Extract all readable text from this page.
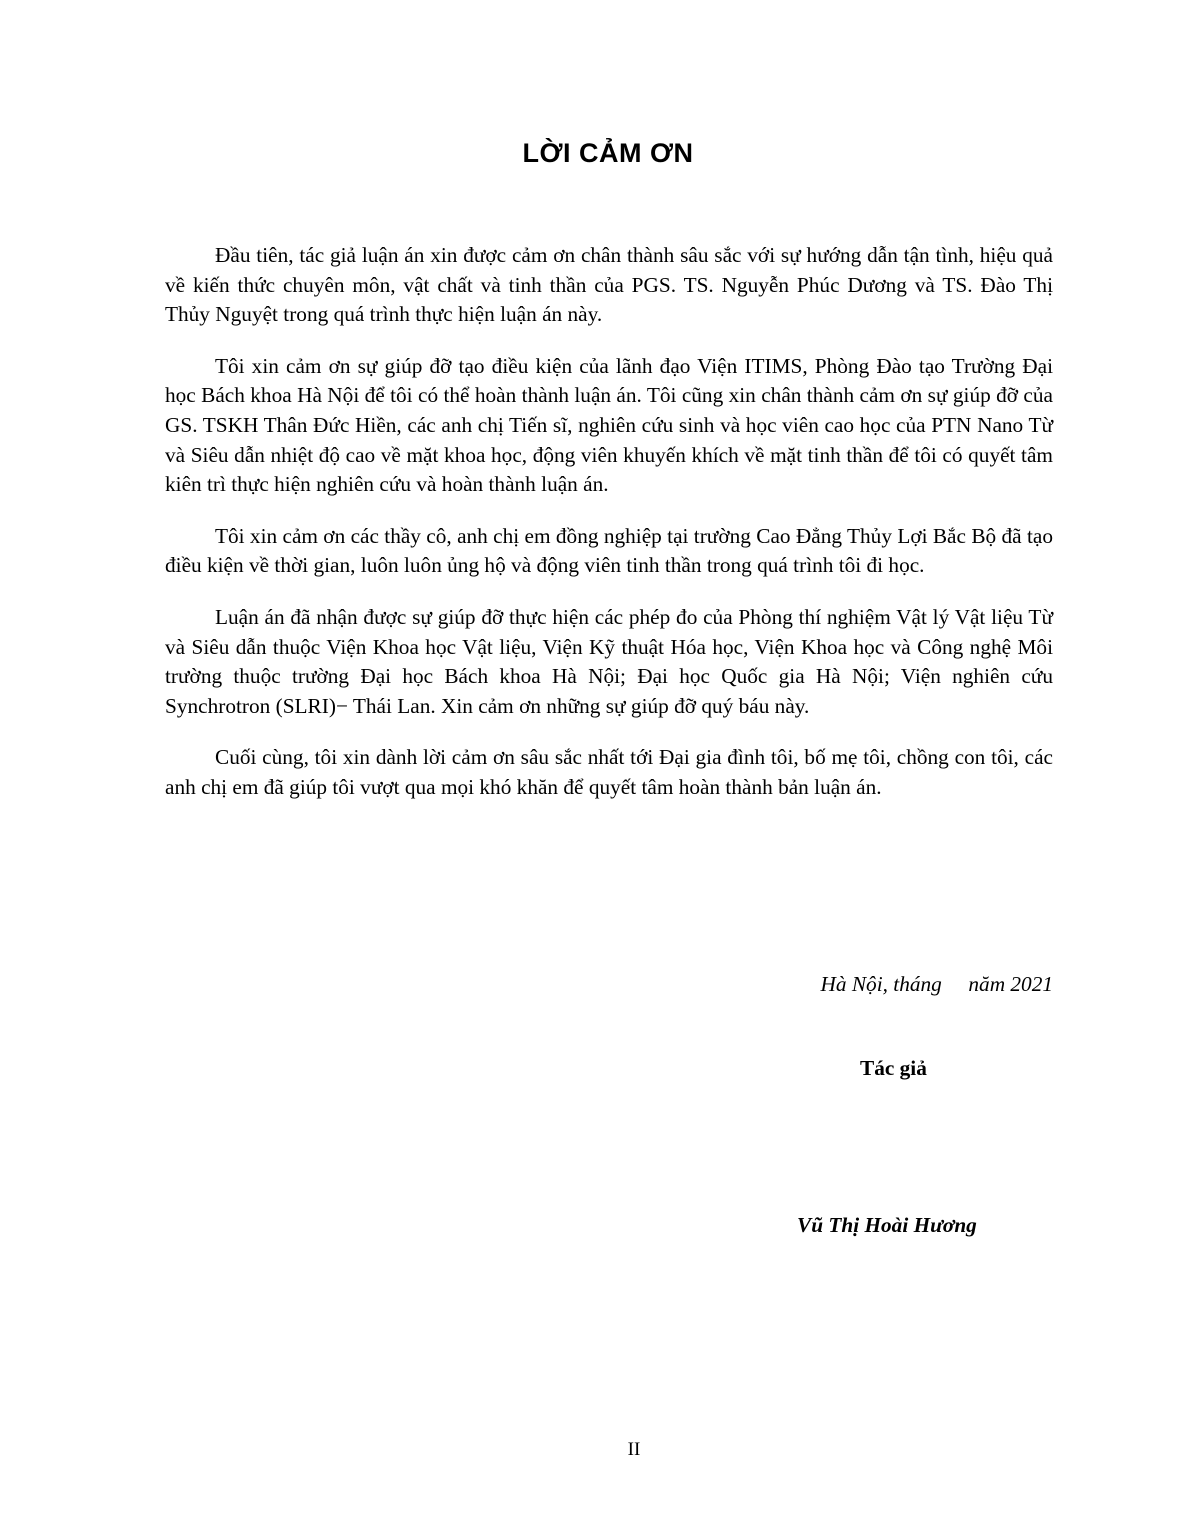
LỜI CẢM ƠN

Đầu tiên, tác giả luận án xin được cảm ơn chân thành sâu sắc với sự hướng dẫn tận tình, hiệu quả về kiến thức chuyên môn, vật chất và tinh thần của PGS. TS. Nguyễn Phúc Dương và TS. Đào Thị Thủy Nguyệt trong quá trình thực hiện luận án này.

Tôi xin cảm ơn sự giúp đỡ tạo điều kiện của lãnh đạo Viện ITIMS, Phòng Đào tạo Trường Đại học Bách khoa Hà Nội để tôi có thể hoàn thành luận án. Tôi cũng xin chân thành cảm ơn sự giúp đỡ của GS. TSKH Thân Đức Hiền, các anh chị Tiến sĩ, nghiên cứu sinh và học viên cao học của PTN Nano Từ và Siêu dẫn nhiệt độ cao về mặt khoa học, động viên khuyến khích về mặt tinh thần để tôi có quyết tâm kiên trì thực hiện nghiên cứu và hoàn thành luận án.

Tôi xin cảm ơn các thầy cô, anh chị em đồng nghiệp tại trường Cao Đẳng Thủy Lợi Bắc Bộ đã tạo điều kiện về thời gian, luôn luôn ủng hộ và động viên tinh thần trong quá trình tôi đi học.

Luận án đã nhận được sự giúp đỡ thực hiện các phép đo của Phòng thí nghiệm Vật lý Vật liệu Từ và Siêu dẫn thuộc Viện Khoa học Vật liệu, Viện Kỹ thuật Hóa học, Viện Khoa học và Công nghệ Môi trường thuộc trường Đại học Bách khoa Hà Nội; Đại học Quốc gia Hà Nội; Viện nghiên cứu Synchrotron (SLRI)− Thái Lan. Xin cảm ơn những sự giúp đỡ quý báu này.

Cuối cùng, tôi xin dành lời cảm ơn sâu sắc nhất tới Đại gia đình tôi, bố mẹ tôi, chồng con tôi, các anh chị em đã giúp tôi vượt qua mọi khó khăn để quyết tâm hoàn thành bản luận án.

Hà Nội, tháng     năm 2021
Tác giả
Vũ Thị Hoài Hương
II
